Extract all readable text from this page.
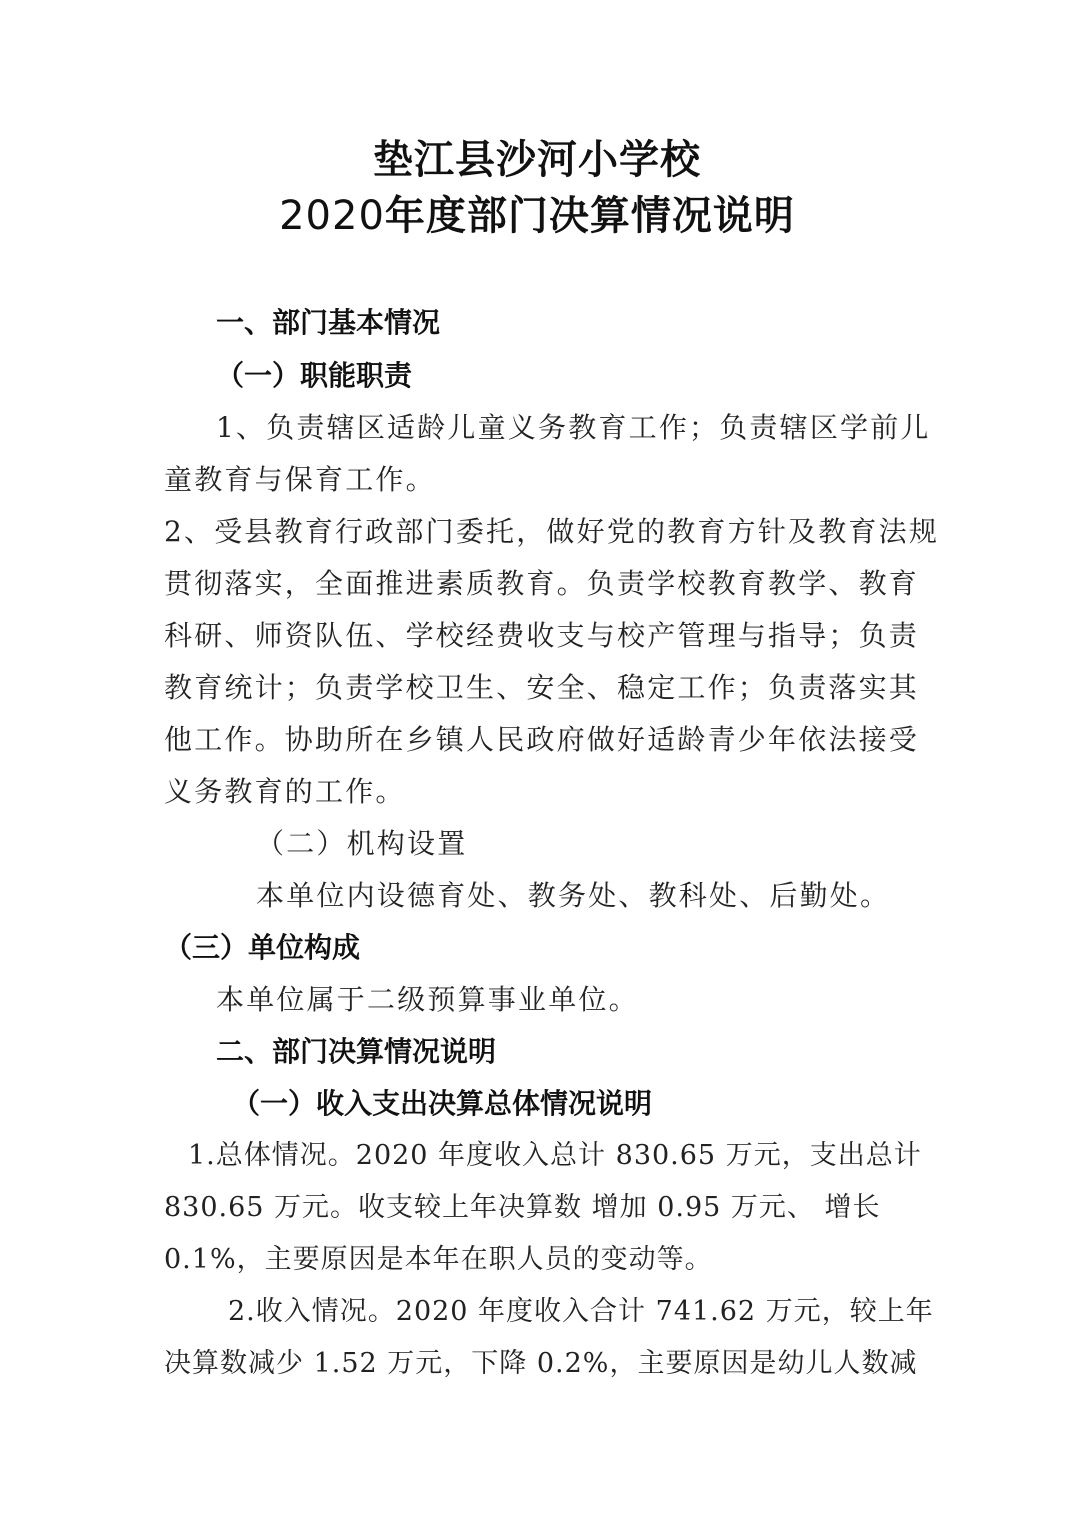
垫江县沙河小学校
2020年度部门决算情况说明
一、部门基本情况
（一）职能职责
1、负责辖区适龄儿童义务教育工作；负责辖区学前儿
童教育与保育工作。
2、受县教育行政部门委托，做好党的教育方针及教育法规
贯彻落实，全面推进素质教育。负责学校教育教学、教育
科研、师资队伍、学校经费收支与校产管理与指导；负责
教育统计；负责学校卫生、安全、稳定工作；负责落实其
他工作。协助所在乡镇人民政府做好适龄青少年依法接受
义务教育的工作。
（二）机构设置
本单位内设德育处、教务处、教科处、后勤处。
（三）单位构成
本单位属于二级预算事业单位。
二、部门决算情况说明
（一）收入支出决算总体情况说明
1.总体情况。2020 年度收入总计 830.65 万元，支出总计
830.65 万元。收支较上年决算数 增加 0.95 万元、 增长
0.1%，主要原因是本年在职人员的变动等。
2.收入情况。2020 年度收入合计 741.62 万元，较上年
决算数减少 1.52 万元，下降 0.2%，主要原因是幼儿人数减
